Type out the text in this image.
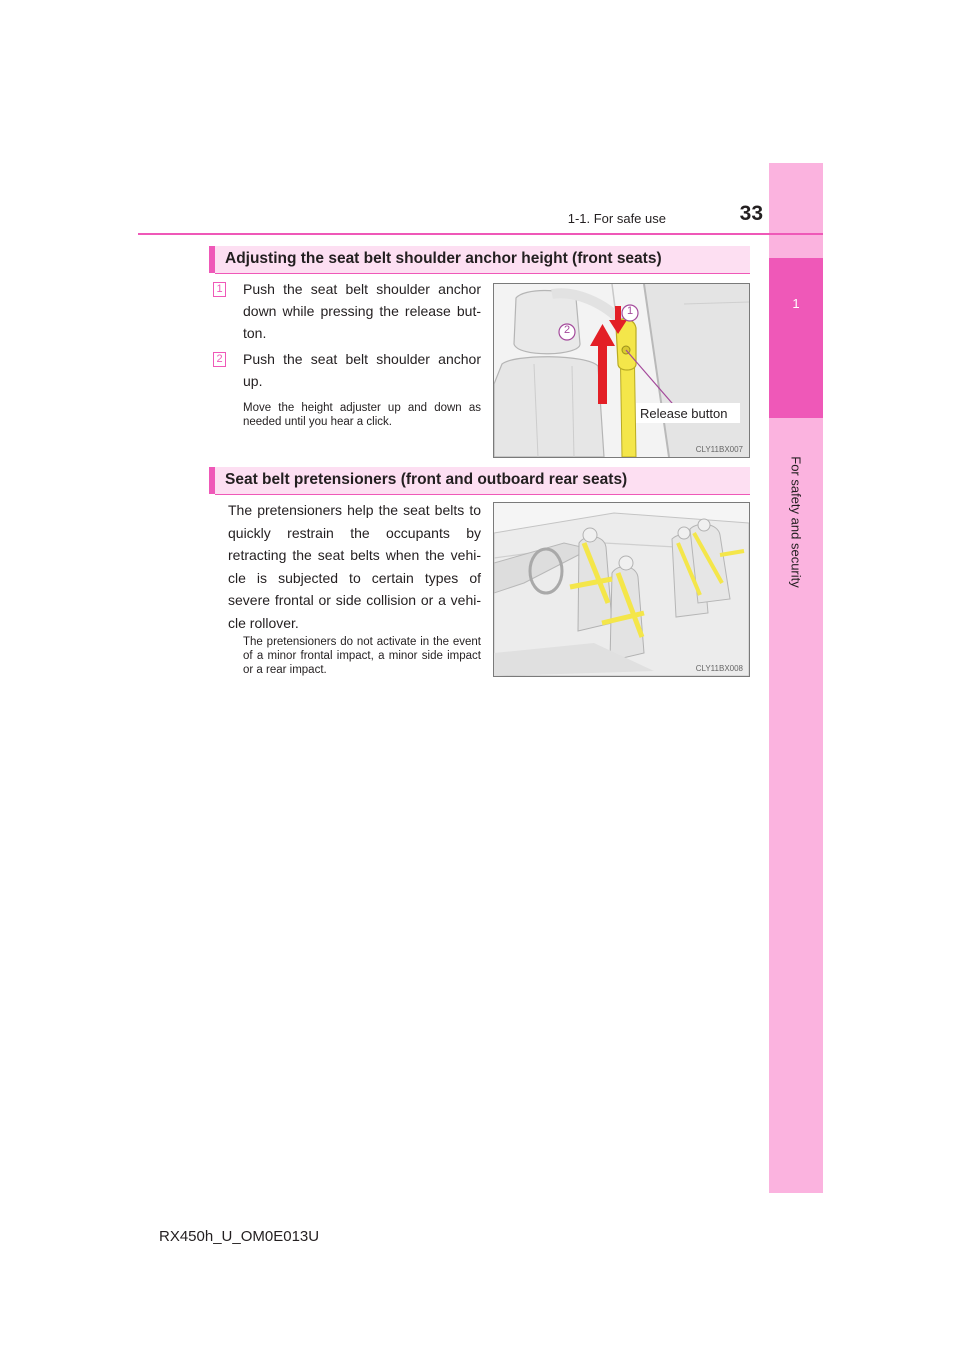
1
For safety and security
1-1. For safe use	33
Adjusting the seat belt shoulder anchor height (front seats)
1 Push the seat belt shoulder anchor down while pressing the release but- ton.
2 Push the seat belt shoulder anchor up.
Move the height adjuster up and down as needed until you hear a click.
1
2
Release button
CLY11BX007
Seat belt pretensioners (front and outboard rear seats)
The pretensioners help the seat belts to quickly restrain the occupants by retracting the seat belts when the vehi- cle is subjected to certain types of severe frontal or side collision or a vehi- cle rollover.
The pretensioners do not activate in the event of a minor frontal impact, a minor side impact or a rear impact.	CLY11BX008
RX450h_U_OM0E013U
